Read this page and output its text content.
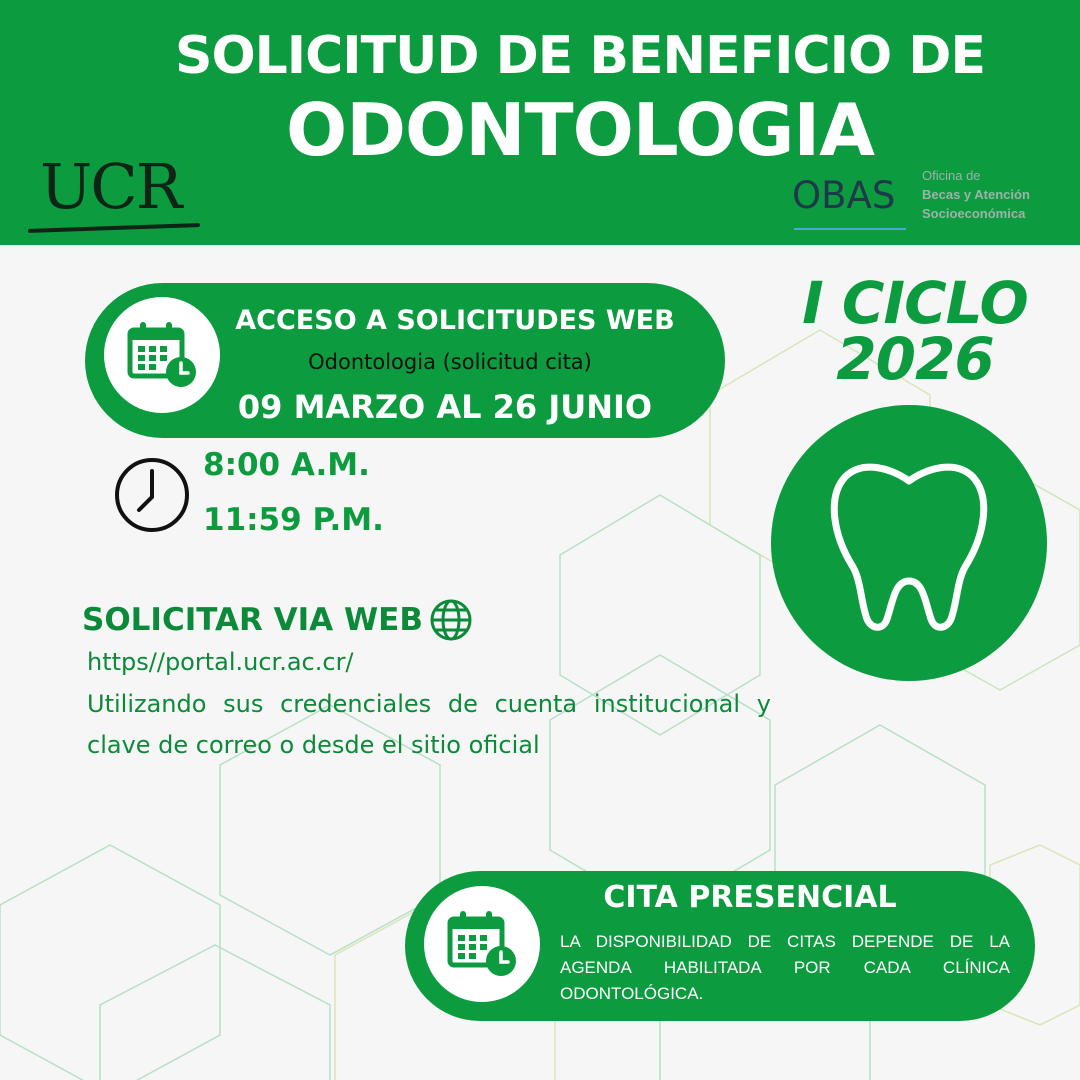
SOLICITUD DE BENEFICIO DE
ODONTOLOGIA
UCR	OBAS Oficina de
Becas y Atención
Socioeconómica
ACCESO A SOLICITUDES WEB
Odontologia (solicitud cita)
09 MARZO AL 26 JUNIO
8:00 A.M.
11:59 P.M.
I CICLO
2026
SOLICITAR VIA WEB
https//portal.ucr.ac.cr/
Utilizando sus credenciales de cuenta institucional y clave de correo o desde el sitio oficial
CITA PRESENCIAL
LA DISPONIBILIDAD DE CITAS DEPENDE DE LA AGENDA HABILITADA POR CADA CLÍNICA ODONTOLÓGICA.
